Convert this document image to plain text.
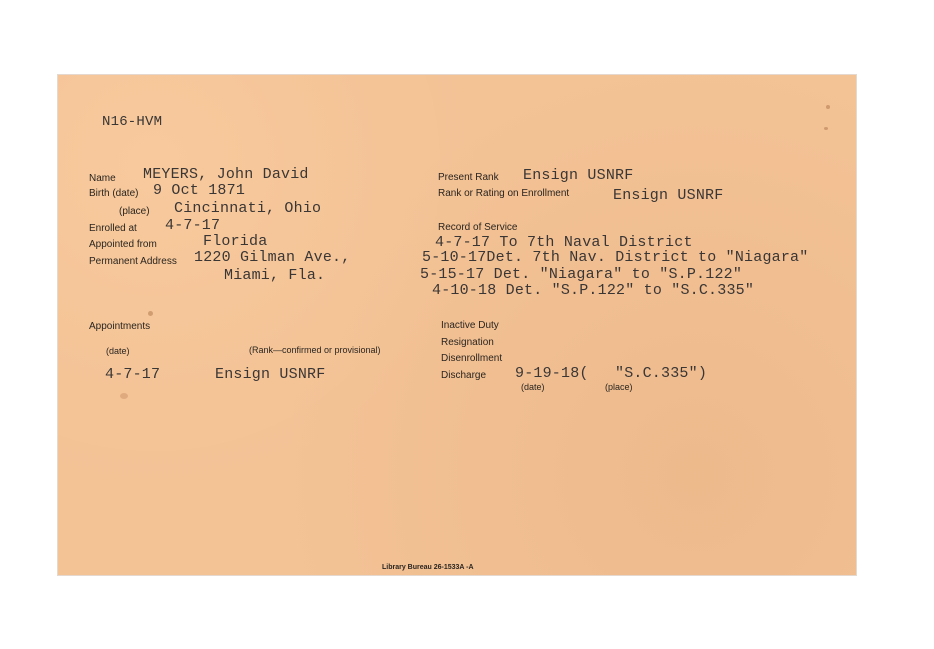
N16-HVM
Name MEYERS, John David
Birth (date) 9 Oct 1871
(place) Cincinnati, Ohio
Enrolled at 4-7-17
Appointed from	Florida
Permanent Address 1220 Gilman Ave.,
Miami, Fla.
Present Rank Ensign USNRF
Rank or Rating on Enrollment	Ensign USNRF
Record of Service
4-7-17 To 7th Naval District
5-10-17Det. 7th Nav. District to "Niagara"
5-15-17 Det. "Niagara" to "S.P.122"
4-10-18 Det. "S.P.122" to "S.C.335"
Appointments
(date)	(Rank—confirmed or provisional)
4-7-17	Ensign USNRF
Inactive Duty
Resignation
Disenrollment
Discharge 9-19-18( "S.C.335")
(date)	(place)
Library Bureau 26-1533A -A
